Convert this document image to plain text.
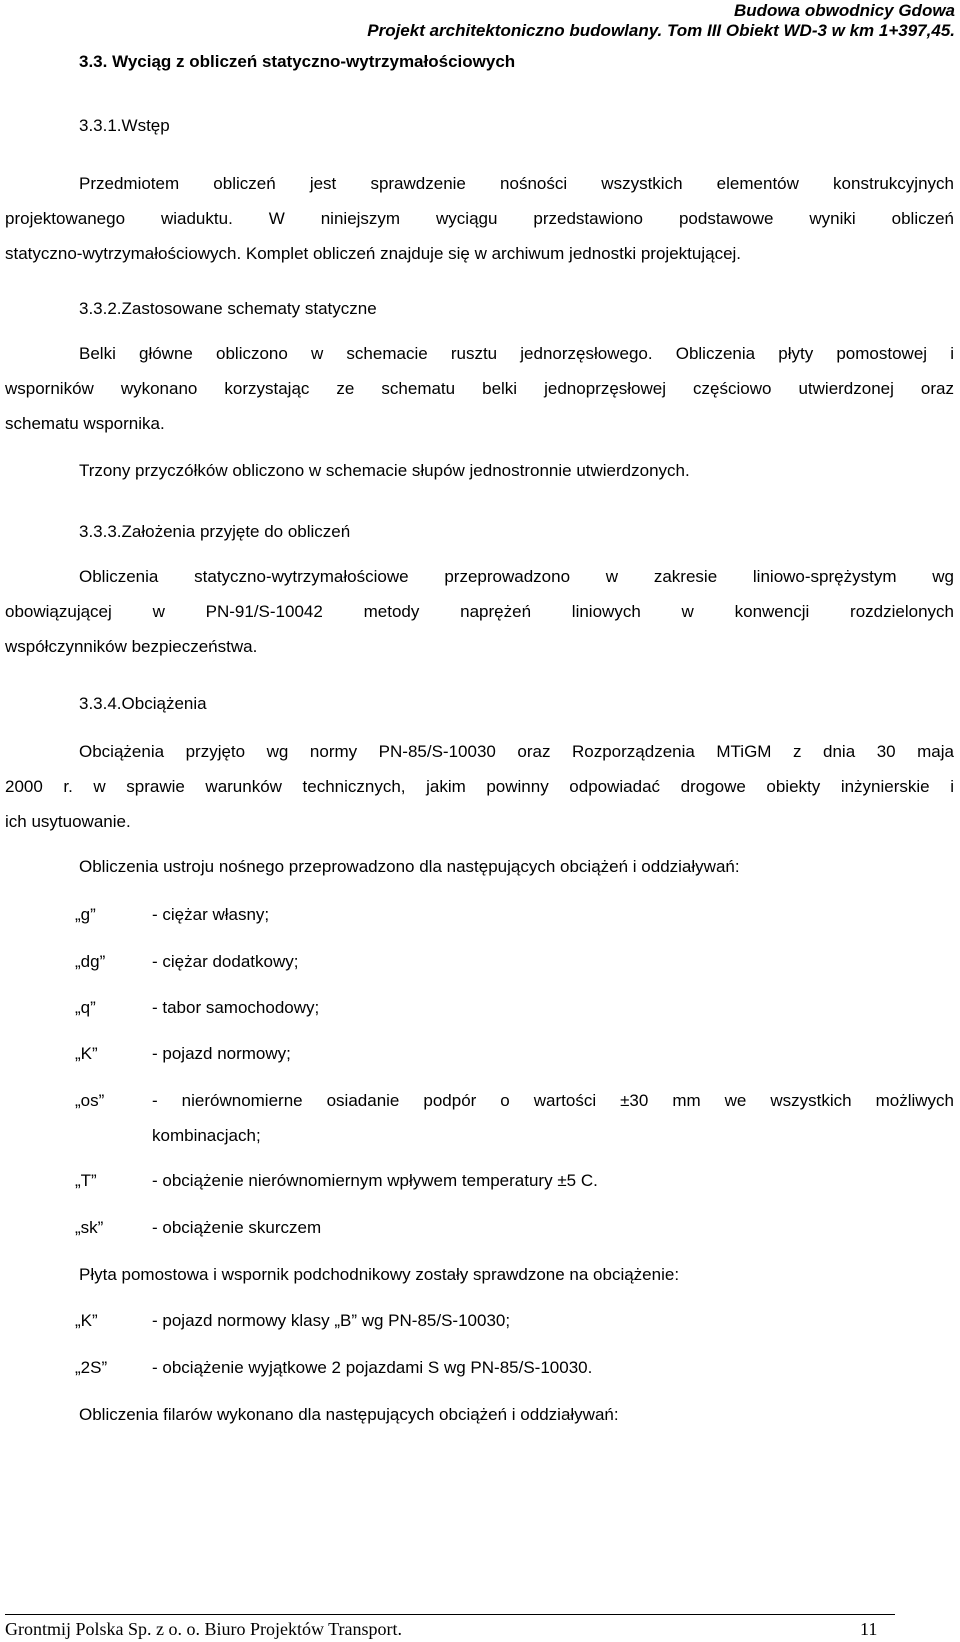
Budowa obwodnicy Gdowa
Projekt architektoniczno budowlany. Tom III Obiekt WD-3 w km 1+397,45.
3.3. Wyciąg z obliczeń statyczno-wytrzymałościowych
3.3.1.Wstęp
Przedmiotem obliczeń jest sprawdzenie nośności wszystkich elementów konstrukcyjnych
projektowanego wiaduktu. W niniejszym wyciągu przedstawiono podstawowe wyniki obliczeń
statyczno-wytrzymałościowych. Komplet obliczeń znajduje się w archiwum jednostki projektującej.
3.3.2.Zastosowane schematy statyczne
Belki główne obliczono w schemacie rusztu jednorzęsłowego. Obliczenia płyty pomostowej i
wsporników wykonano korzystając ze schematu belki jednoprzęsłowej częściowo utwierdzonej oraz
schematu wspornika.
Trzony przyczółków obliczono w schemacie słupów jednostronnie utwierdzonych.
3.3.3.Założenia przyjęte do obliczeń
Obliczenia statyczno-wytrzymałościowe przeprowadzono w zakresie liniowo-sprężystym wg
obowiązującej w PN-91/S-10042 metody naprężeń liniowych w konwencji rozdzielonych
współczynników bezpieczeństwa.
3.3.4.Obciążenia
Obciążenia przyjęto wg normy PN-85/S-10030 oraz Rozporządzenia MTiGM z dnia 30 maja
2000 r. w sprawie warunków technicznych, jakim powinny odpowiadać drogowe obiekty inżynierskie i
ich usytuowanie.
Obliczenia ustroju nośnego przeprowadzono dla następujących obciążeń i oddziaływań:
„g”	- ciężar własny;
„dg”	- ciężar dodatkowy;
„q”	- tabor samochodowy;
„K”	- pojazd normowy;
„os”	- nierównomierne osiadanie podpór o wartości ±30 mm we wszystkich możliwych
kombinacjach;
„T”	- obciążenie nierównomiernym wpływem temperatury ±5 C.
„sk”	- obciążenie skurczem
Płyta pomostowa i wspornik podchodnikowy zostały sprawdzone na obciążenie:
„K”	- pojazd normowy klasy „B” wg PN-85/S-10030;
„2S”	- obciążenie wyjątkowe 2 pojazdami S wg PN-85/S-10030.
Obliczenia filarów wykonano dla następujących obciążeń i oddziaływań:
Grontmij Polska Sp. z o. o. Biuro Projektów Transport.	11
